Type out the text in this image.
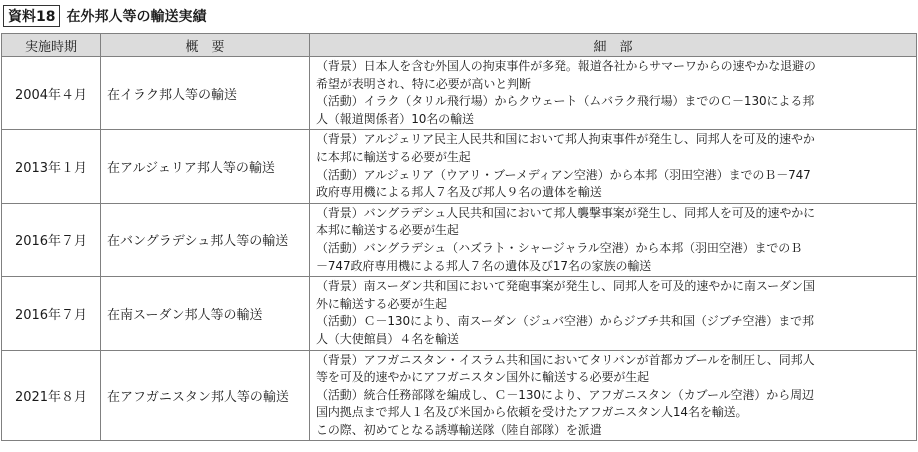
資料18 在外邦人等の輸送実績
実施時期	概　要	細　部
2004年４月	在イラク邦人等の輸送	（背景）日本人を含む外国人の拘束事件が多発。報道各社からサマーワからの速やかな退避の
希望が表明され、特に必要が高いと判断
（活動）イラク（タリル飛行場）からクウェート（ムバラク飛行場）までのＣ－130による邦
人（報道関係者）10名の輸送

2013年１月	在アルジェリア邦人等の輸送	（背景）アルジェリア民主人民共和国において邦人拘束事件が発生し、同邦人を可及的速やか
に本邦に輸送する必要が生起
（活動）アルジェリア（ウアリ・ブーメディアン空港）から本邦（羽田空港）までのＢ－747
政府専用機による邦人７名及び邦人９名の遺体を輸送

2016年７月	在バングラデシュ邦人等の輸送	（背景）バングラデシュ人民共和国において邦人襲撃事案が発生し、同邦人を可及的速やかに
本邦に輸送する必要が生起
（活動）バングラデシュ（ハズラト・シャージャラル空港）から本邦（羽田空港）までのＢ
－747政府専用機による邦人７名の遺体及び17名の家族の輸送

2016年７月	在南スーダン邦人等の輸送	（背景）南スーダン共和国において発砲事案が発生し、同邦人を可及的速やかに南スーダン国
外に輸送する必要が生起
（活動）Ｃ－130により、南スーダン（ジュバ空港）からジブチ共和国（ジブチ空港）まで邦
人（大使館員）４名を輸送

2021年８月	在アフガニスタン邦人等の輸送	（背景）アフガニスタン・イスラム共和国においてタリバンが首都カブールを制圧し、同邦人
等を可及的速やかにアフガニスタン国外に輸送する必要が生起
（活動）統合任務部隊を編成し、Ｃ－130により、アフガニスタン（カブール空港）から周辺
国内拠点まで邦人１名及び米国から依頼を受けたアフガニスタン人14名を輸送。
この際、初めてとなる誘導輸送隊（陸自部隊）を派遣
